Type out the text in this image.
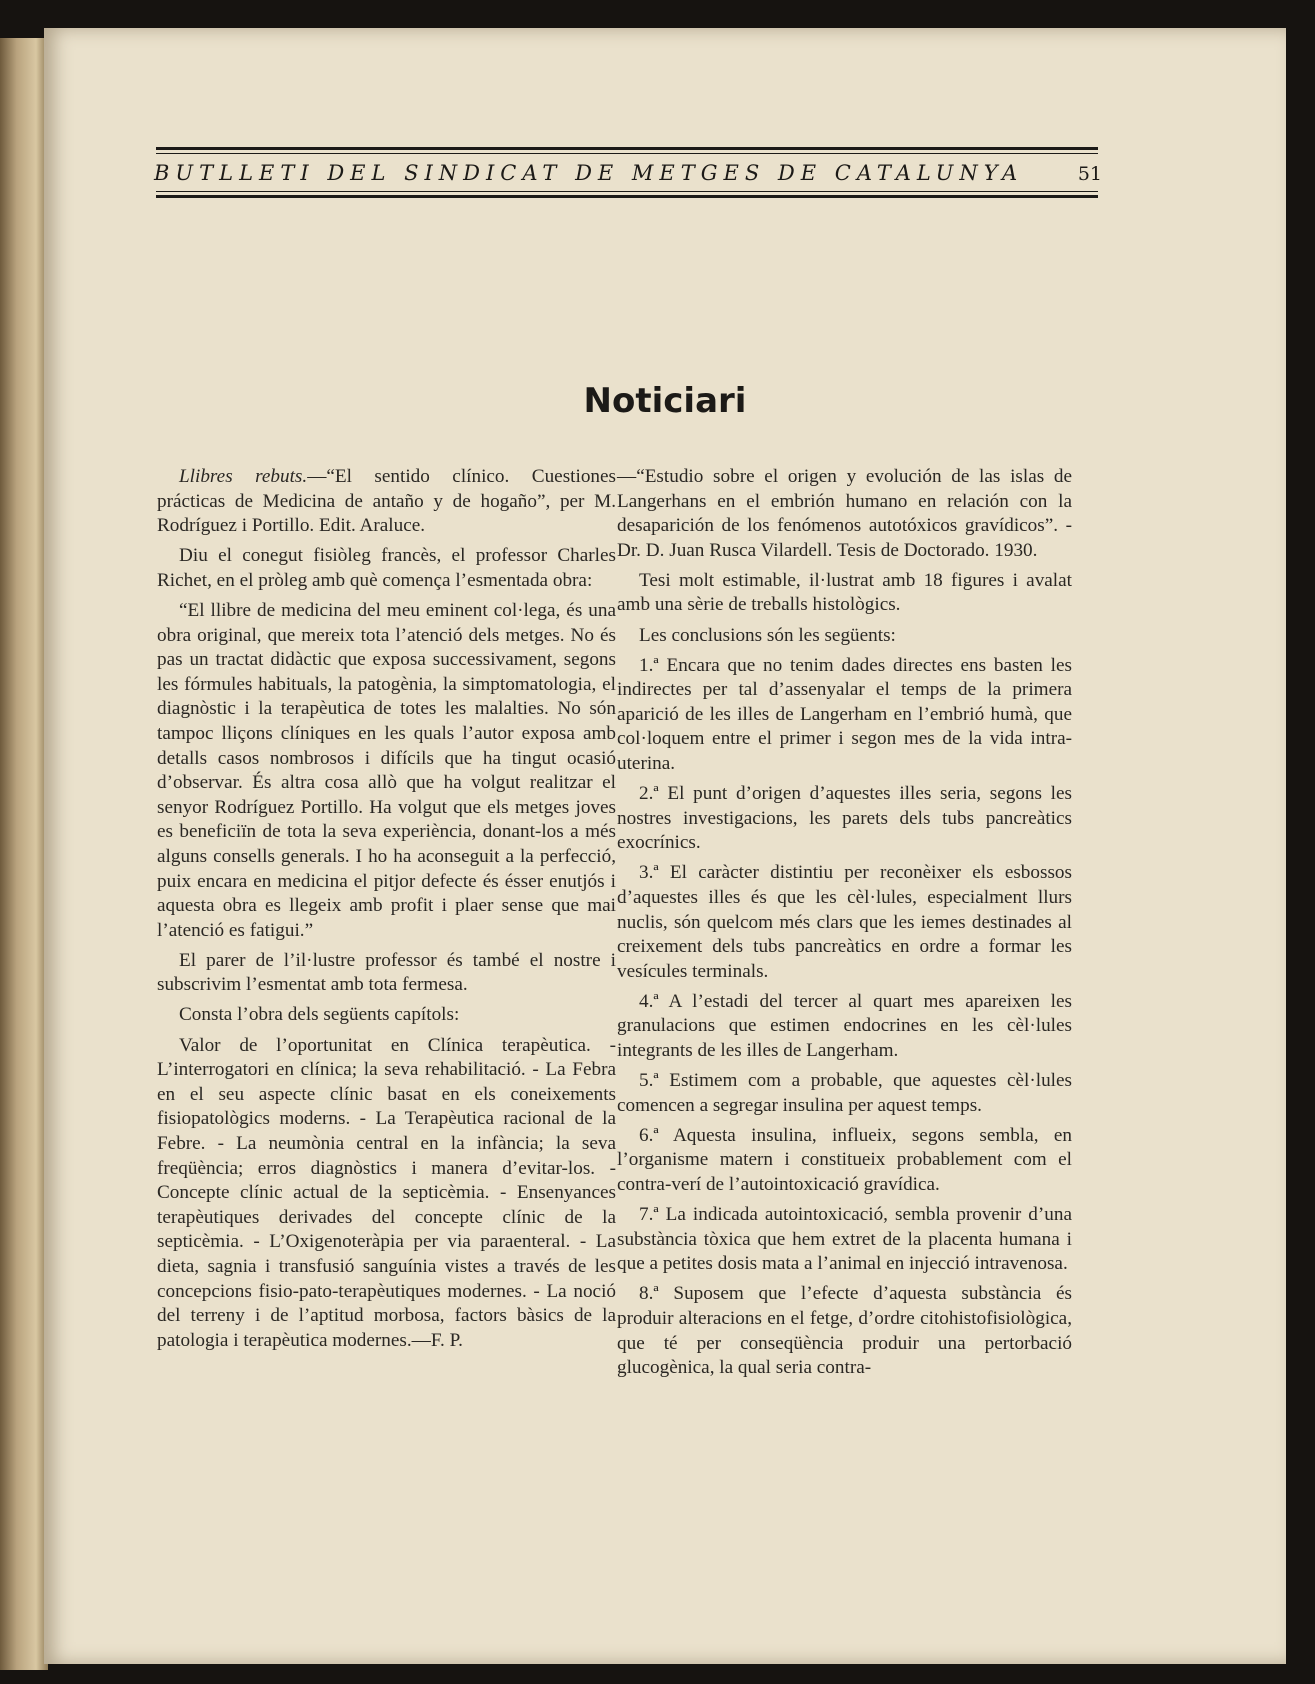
BUTLLETI DEL SINDICAT DE METGES DE CATALUNYA	51
Noticiari

Llibres rebuts.—“El sentido clínico. Cuestiones prácticas de Medicina de antaño y de hogaño”, per M. Rodríguez i Portillo. Edit. Araluce.

Diu el conegut fisiòleg francès, el professor Charles Richet, en el pròleg amb què comença l’esmentada obra:

“El llibre de medicina del meu eminent col·lega, és una obra original, que mereix tota l’atenció dels metges. No és pas un tractat didàctic que exposa successivament, segons les fórmules habituals, la patogènia, la simptomatologia, el diagnòstic i la terapèutica de totes les malalties. No són tampoc lliçons clíniques en les quals l’autor exposa amb detalls casos nombrosos i difícils que ha tingut ocasió d’observar. És altra cosa allò que ha volgut realitzar el senyor Rodríguez Portillo. Ha volgut que els metges joves es beneficiïn de tota la seva experiència, donant-los a més alguns consells generals. I ho ha aconseguit a la perfecció, puix encara en medicina el pitjor defecte és ésser enutjós i aquesta obra es llegeix amb profit i plaer sense que mai l’atenció es fatigui.”

El parer de l’il·lustre professor és també el nostre i subscrivim l’esmentat amb tota fermesa.

Consta l’obra dels següents capítols:

Valor de l’oportunitat en Clínica terapèutica. - L’interrogatori en clínica; la seva rehabilitació. - La Febra en el seu aspecte clínic basat en els coneixements fisiopatològics moderns. - La Terapèutica racional de la Febre. - La neumònia central en la infància; la seva freqüència; erros diagnòstics i manera d’evitar-los. - Concepte clínic actual de la septicèmia. - Ensenyances terapèutiques derivades del concepte clínic de la septicèmia. - L’Oxigenoteràpia per via paraenteral. - La dieta, sagnia i transfusió sanguínia vistes a través de les concepcions fisio-pato-terapèutiques modernes. - La noció del terreny i de l’aptitud morbosa, factors bàsics de la patologia i terapèutica modernes.—F. P.

—“Estudio sobre el origen y evolución de las islas de Langerhans en el embrión humano en relación con la desaparición de los fenómenos autotóxicos gravídicos”. - Dr. D. Juan Rusca Vilardell. Tesis de Doctorado. 1930.

Tesi molt estimable, il·lustrat amb 18 figures i avalat amb una sèrie de treballs histològics.

Les conclusions són les següents:

1.ª Encara que no tenim dades directes ens basten les indirectes per tal d’assenyalar el temps de la primera aparició de les illes de Langerham en l’embrió humà, que col·loquem entre el primer i segon mes de la vida intra-uterina.

2.ª El punt d’origen d’aquestes illes seria, segons les nostres investigacions, les parets dels tubs pancreàtics exocrínics.

3.ª El caràcter distintiu per reconèixer els esbossos d’aquestes illes és que les cèl·lules, especialment llurs nuclis, són quelcom més clars que les iemes destinades al creixement dels tubs pancreàtics en ordre a formar les vesícules terminals.

4.ª A l’estadi del tercer al quart mes apareixen les granulacions que estimen endocrines en les cèl·lules integrants de les illes de Langerham.

5.ª Estimem com a probable, que aquestes cèl·lules comencen a segregar insulina per aquest temps.

6.ª Aquesta insulina, influeix, segons sembla, en l’organisme matern i constitueix probablement com el contra-verí de l’autointoxicació gravídica.

7.ª La indicada autointoxicació, sembla provenir d’una substància tòxica que hem extret de la placenta humana i que a petites dosis mata a l’animal en injecció intravenosa.

8.ª Suposem que l’efecte d’aquesta substància és produir alteracions en el fetge, d’ordre citohistofisiològica, que té per conseqüència produir una pertorbació glucogènica, la qual seria contra-
